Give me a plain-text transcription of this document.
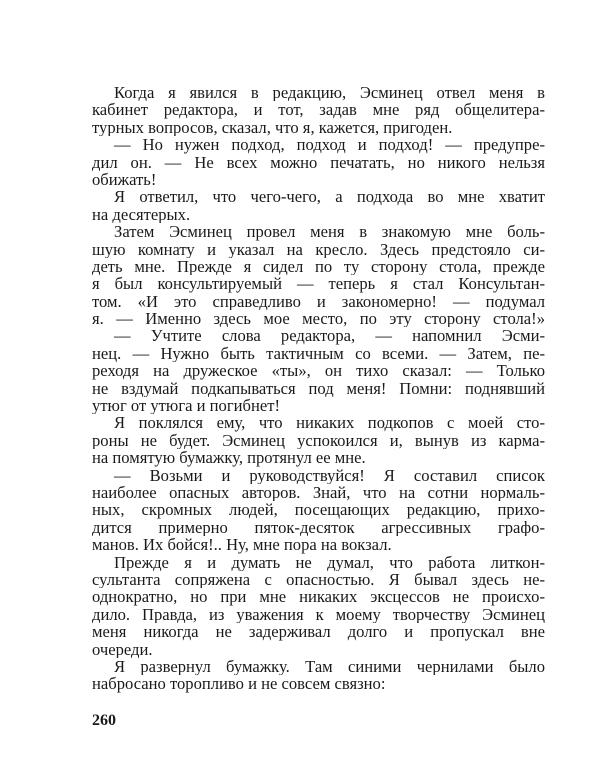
Когда я явился в редакцию, Эсминец отвел меня в
кабинет редактора, и тот, задав мне ряд общелитера-
турных вопросов, сказал, что я, кажется, пригоден.
— Но нужен подход, подход и подход! — предупре-
дил он. — Не всех можно печатать, но никого нельзя
обижать!
Я ответил, что чего-чего, а подхода во мне хватит
на десятерых.
Затем Эсминец провел меня в знакомую мне боль-
шую комнату и указал на кресло. Здесь предстояло си-
деть мне. Прежде я сидел по ту сторону стола, прежде
я был консультируемый — теперь я стал Консультан-
том. «И это справедливо и закономерно! — подумал
я. — Именно здесь мое место, по эту сторону стола!»
— Учтите слова редактора, — напомнил Эсми-
нец. — Нужно быть тактичным со всеми. — Затем, пе-
реходя на дружеское «ты», он тихо сказал: — Только
не вздумай подкапываться под меня! Помни: поднявший
утюг от утюга и погибнет!
Я поклялся ему, что никаких подкопов с моей сто-
роны не будет. Эсминец успокоился и, вынув из карма-
на помятую бумажку, протянул ее мне.
— Возьми и руководствуйся! Я составил список
наиболее опасных авторов. Знай, что на сотни нормаль-
ных, скромных людей, посещающих редакцию, прихо-
дится примерно пяток-десяток агрессивных графо-
манов. Их бойся!.. Ну, мне пора на вокзал.
Прежде я и думать не думал, что работа литкон-
сультанта сопряжена с опасностью. Я бывал здесь не-
однократно, но при мне никаких эксцессов не происхо-
дило. Правда, из уважения к моему творчеству Эсминец
меня никогда не задерживал долго и пропускал вне
очереди.
Я развернул бумажку. Там синими чернилами было
набросано торопливо и не совсем связно:
260
